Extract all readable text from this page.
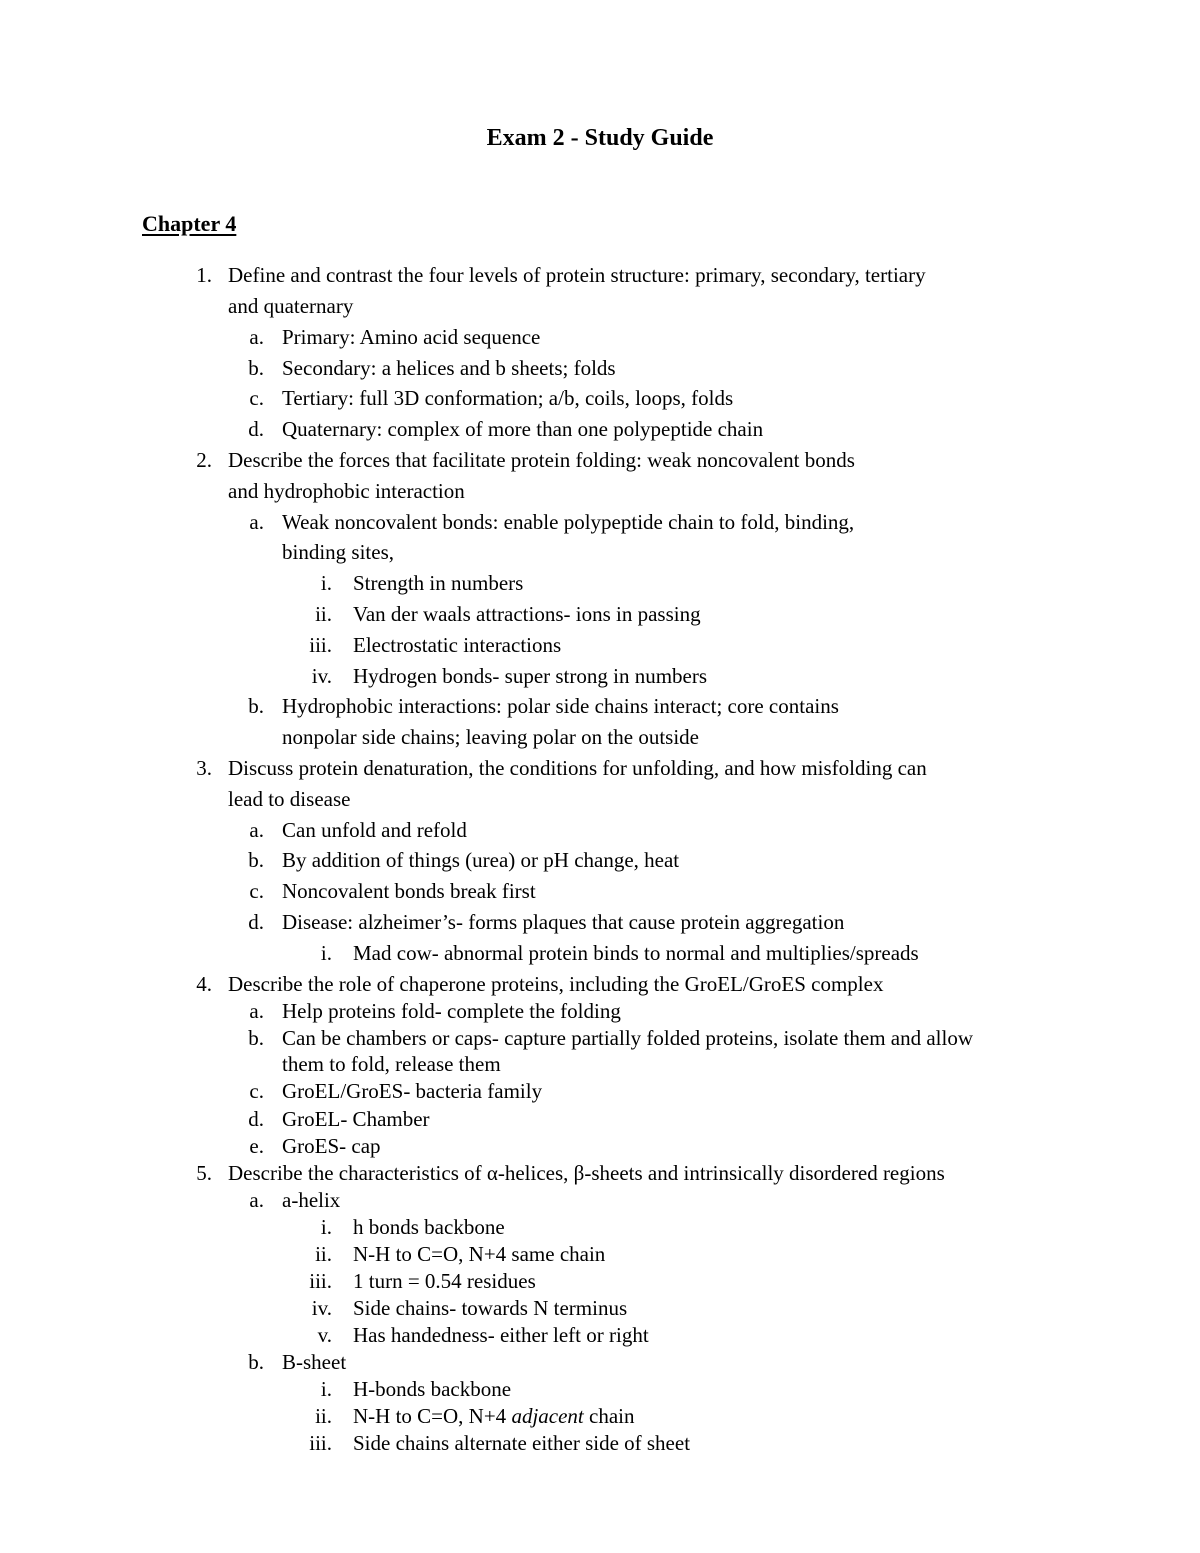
Exam 2 - Study Guide
Chapter 4
1. Define and contrast the four levels of protein structure: primary, secondary, tertiary
and quaternary
a. Primary: Amino acid sequence
b. Secondary: a helices and b sheets; folds
c. Tertiary: full 3D conformation; a/b, coils, loops, folds
d. Quaternary: complex of more than one polypeptide chain
2. Describe the forces that facilitate protein folding: weak noncovalent bonds
and hydrophobic interaction
a. Weak noncovalent bonds: enable polypeptide chain to fold, binding,
binding sites,
i. Strength in numbers
ii. Van der waals attractions- ions in passing
iii. Electrostatic interactions
iv. Hydrogen bonds- super strong in numbers
b. Hydrophobic interactions: polar side chains interact; core contains
nonpolar side chains; leaving polar on the outside
3. Discuss protein denaturation, the conditions for unfolding, and how misfolding can
lead to disease
a. Can unfold and refold
b. By addition of things (urea) or pH change, heat
c. Noncovalent bonds break first
d. Disease: alzheimer’s- forms plaques that cause protein aggregation
i. Mad cow- abnormal protein binds to normal and multiplies/spreads
4. Describe the role of chaperone proteins, including the GroEL/GroES complex
a. Help proteins fold- complete the folding
b. Can be chambers or caps- capture partially folded proteins, isolate them and allow
them to fold, release them
c. GroEL/GroES- bacteria family
d. GroEL- Chamber
e. GroES- cap
5. Describe the characteristics of α-helices, β-sheets and intrinsically disordered regions
a. a-helix
i. h bonds backbone
ii. N-H to C=O, N+4 same chain
iii. 1 turn = 0.54 residues
iv. Side chains- towards N terminus
v. Has handedness- either left or right
b. B-sheet
i. H-bonds backbone
ii. N-H to C=O, N+4 adjacent chain
iii. Side chains alternate either side of sheet
